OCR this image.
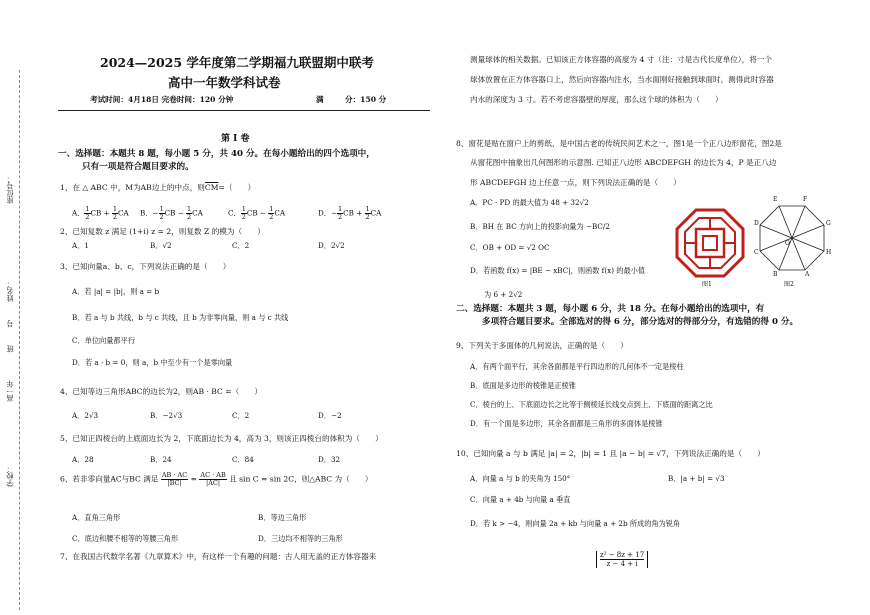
座位号：
姓名：
号
班
高一年
学校：
2024—2025 学年度第二学期福九联盟期中联考
高中一年数学科试卷
考试时间：4月18日 完卷时间：120 分钟	满	分：150 分
第 Ⅰ 卷
一、选择题：本题共 8 题，每小题 5 分，共 40 分。在每小题给出的四个选项中，
只有一项是符合题目要求的。
1、在 △ ABC 中，M为AB边上的中点，则$\overline{CM}=$（　　）
A． $\frac{1}{2}$ CB + $\frac{1}{2}$ CA B．− $\frac{1}{2}$ CB − $\frac{1}{2}$ CA	C． $\frac{1}{2}$ CB − $\frac{1}{2}$ CA	D．− $\frac{1}{2}$ CB + $\frac{1}{2}$ CA
2、已知复数 z 满足 (1+i) z = 2，则复数 Z 的模为（　　）
A．1	B．√2	C．2	D．2√2
3、已知向量a、b、c，下列说法正确的是（　　）
A．若 |a| = |b|，则 a = b
B．若 a 与 b 共线，b 与 c 共线，且 b 为非零向量，则 a 与 c 共线
C．单位向量都平行
D．若 a · b = 0，则 a，b 中至少有一个是零向量
4、已知等边三角形ABC的边长为2，则AB · BC =（　　）
A．2√3	B．−2√3	C．2	D．−2
5、已知正四棱台的上底面边长为 2，下底面边长为 4，高为 3，则该正四棱台的体积为（　　）
A．28	B．24	C．84	D．32
6、若非零向量AC与BC 满足 $\frac{AB \cdot AC}{|BC|} = \frac{AC \cdot AB}{|AC|}$ 且 sin C = sin 2C，则△ABC 为（　　）
A．直角三角形	B．等边三角形
C．底边和腰不相等的等腰三角形	D．三边均不相等的三角形
7、在我国古代数学名著《九章算术》中，有这样一个有趣的问题：古人用无盖的正方体容器来
测量球体的相关数据。已知该正方体容器的高度为 4 寸（注：寸是古代长度单位），将一个
球体放置在正方体容器口上，然后向容器内注水，当水面刚好接触到球面时，测得此时容器
内水的深度为 3 寸。若不考虑容器壁的厚度，那么这个球的体积为（　　）
8、窗花是贴在窗户上的剪纸，是中国古老的传统民间艺术之一，图1是一个正八边形窗花，图2是
从窗花图中抽象出几何图形的示意图. 已知正八边形 ABCDEFGH 的边长为 4，P 是正八边
形 ABCDEFGH 边上任意一点，则下列说法正确的是（　　）
A．PC · PD 的最大值为 48 + 32√2
B．BH 在 BC 方向上的投影向量为 −BC/2
C．OB + OD = √2 OC
D．若函数 f(x) = |BE − xBC|，则函数 f(x) 的最小值
为 6 + 2√2
图1
E	F
G
H
A
B
C
D
O
图2
二、选择题：本题共 3 题，每小题 6 分，共 18 分。在每小题给出的选项中，有
多项符合题目要求。全部选对的得 6 分，部分选对的得部分分，有选错的得 0 分。
9、下列关于多面体的几何说法，正确的是（　　）
A．有两个面平行，其余各面都是平行四边形的几何体不一定是棱柱
B．底面是多边形的棱锥是正棱锥
C．棱台的上、下底面边长之比等于侧棱延长线交点到上、下底面的距离之比
D．有一个面是多边形，其余各面都是三角形的多面体是棱锥
10、已知向量 a 与 b 满足 |a| = 2，|b| = 1 且 |a − b| = √7，下列说法正确的是（　　）
A．向量 a 与 b 的夹角为 150°	B．|a + b| = √3
C．向量 a + 4b 与向量 a 垂直
D．若 k > −4，则向量 2a + kb 与向量 a + 2b 所成的角为锐角
$\frac{\text{z² − 8z + 17}}{z - 4 + i}$
